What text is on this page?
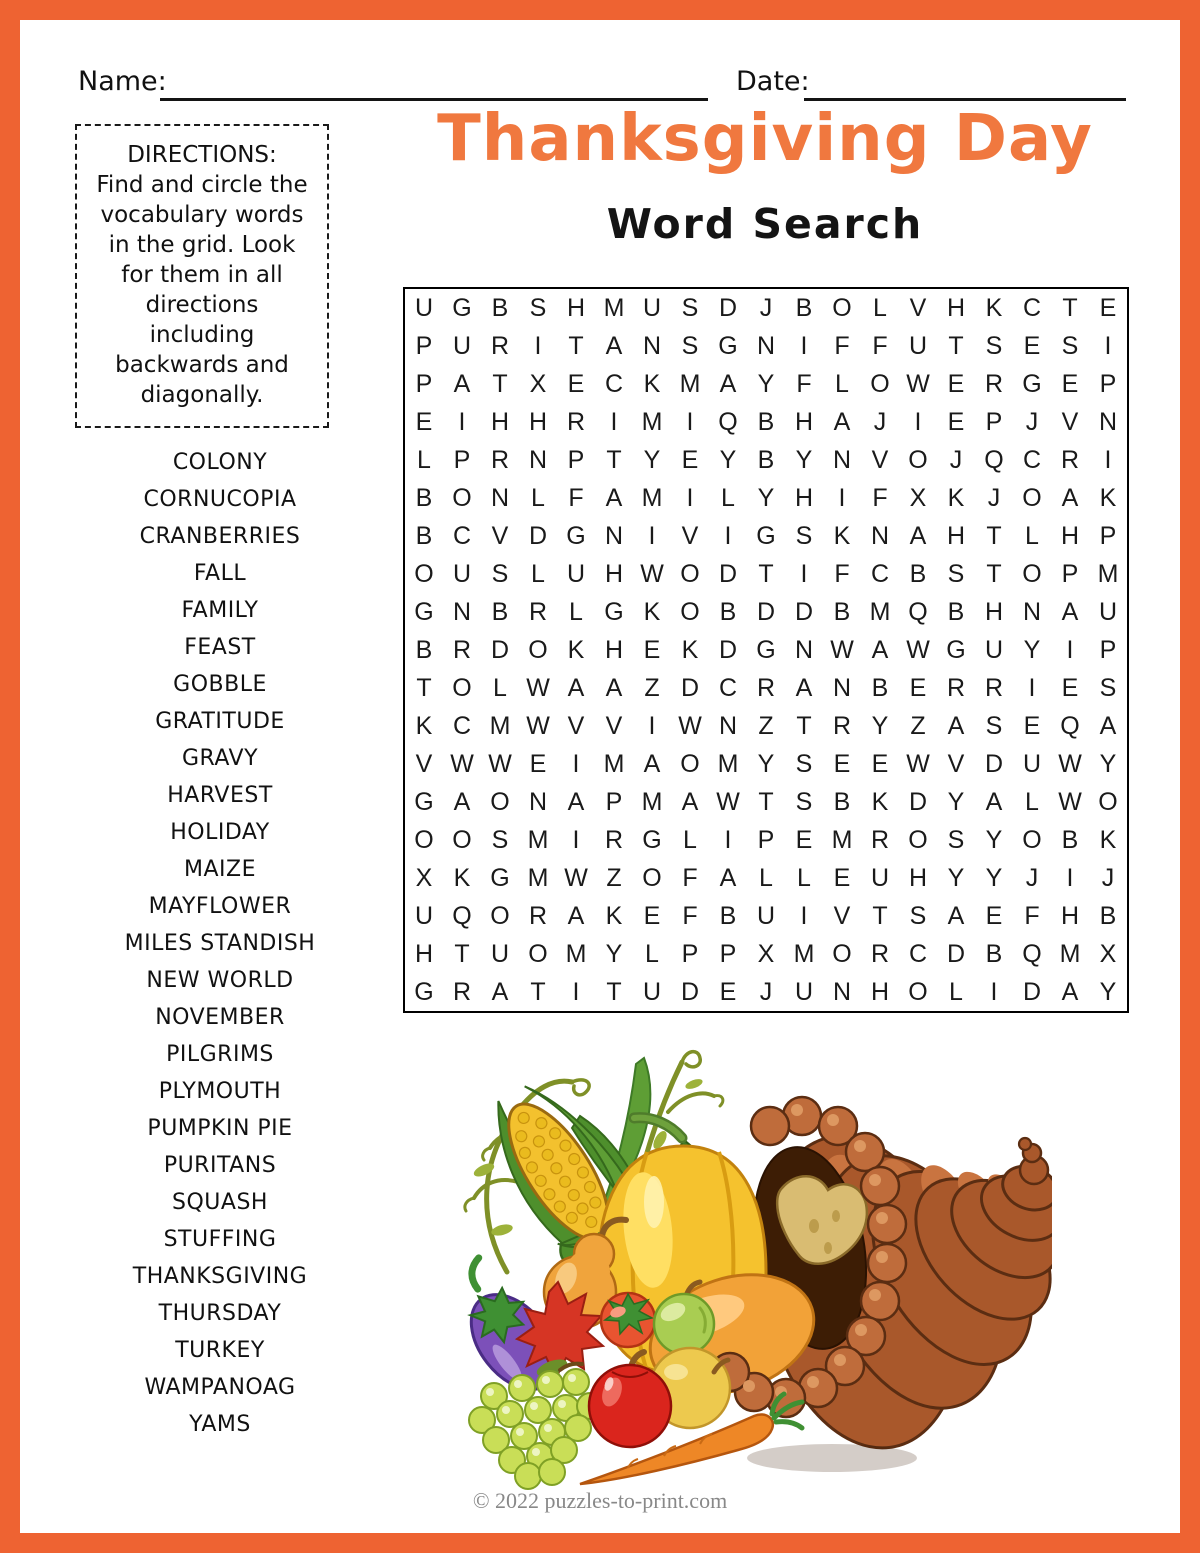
Name:	Date:
DIRECTIONS:
Find and circle the vocabulary words in the grid. Look for them in all directions including backwards and diagonally.
Thanksgiving Day
Word Search
COLONY
CORNUCOPIA
CRANBERRIES
FALL
FAMILY
FEAST
GOBBLE
GRATITUDE
GRAVY
HARVEST
HOLIDAY
MAIZE
MAYFLOWER
MILES STANDISH
NEW WORLD
NOVEMBER
PILGRIMS
PLYMOUTH
PUMPKIN PIE
PURITANS
SQUASH
STUFFING
THANKSGIVING
THURSDAY
TURKEY
WAMPANOAG
YAMS
U G B S H M U S D J B O L V H K C T E
P U R	I	T A N S G N	I	F F U T S E S	I
P A T X E C K M A Y F L O W E R G E P
E	I	H H R	I M I Q B H A J	I	E P J V N
L P R N P T Y E Y B Y N V O J Q C R	I
B O N L F A M I	L Y H	I	F X K J O A K
B C V D G N	I	V	I G S K N A H T L H P
O U S L U H W O D T	I	F C B S T O P M
G N B R L G K O B D D B M Q B H N A U
B R D O K H E K D G N W A W G U Y	I	P
T O L W A A Z D C R A N B E R R	I	E S
K C M W V V	I W N Z T R Y Z A S E Q A
V W W E	I M A O M Y S E E W V D U W Y
G A O N A P M A W T S B K D Y A L W O
O O S M I	R G L	I	P E M R O S Y O B K
X K G M W Z O F A L L E U H Y Y J	I	J
U Q O R A K E F B U	I	V T S A E F H B
H T U O M Y L P P X M O R C D B Q M X
G R A T	I	T U D E J U N H O L	I	D A Y
© 2022 puzzles-to-print.com
